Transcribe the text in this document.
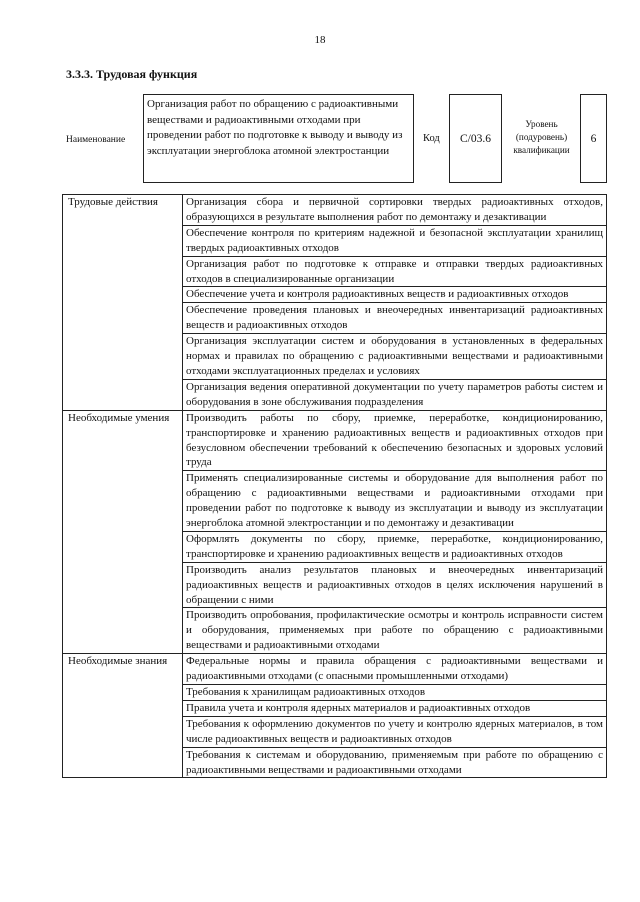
18
3.3.3. Трудовая функция
Наименование
Организация работ по обращению с радиоактивными веществами и радиоактивными отходами при проведении работ по подготовке к выводу и выводу из эксплуатации энергоблока атомной электростанции
Код C/03.6
Уровень (подуровень) квалификации
6
Трудовые действия	Организация сбора и первичной сортировки твердых радиоактивных отходов, образующихся в результате выполнения работ по демонтажу и дезактивации
	Обеспечение контроля по критериям надежной и безопасной эксплуатации хранилищ твердых радиоактивных отходов
	Организация работ по подготовке к отправке и отправки твердых радиоактивных отходов в специализированные организации
	Обеспечение учета и контроля радиоактивных веществ и радиоактивных отходов
	Обеспечение проведения плановых и внеочередных инвентаризаций радиоактивных веществ и радиоактивных отходов
	Организация эксплуатации систем и оборудования в установленных в федеральных нормах и правилах по обращению с радиоактивными веществами и радиоактивными отходами эксплуатационных пределах и условиях
	Организация ведения оперативной документации по учету параметров работы систем и оборудования в зоне обслуживания подразделения
Необходимые умения	Производить работы по сбору, приемке, переработке, кондиционированию, транспортировке и хранению радиоактивных веществ и радиоактивных отходов при безусловном обеспечении требований к обеспечению безопасных и здоровых условий труда
	Применять специализированные системы и оборудование для выполнения работ по обращению с радиоактивными веществами и радиоактивными отходами при проведении работ по подготовке к выводу из эксплуатации и выводу из эксплуатации энергоблока атомной электростанции и по демонтажу и дезактивации
	Оформлять документы по сбору, приемке, переработке, кондиционированию, транспортировке и хранению радиоактивных веществ и радиоактивных отходов
	Производить анализ результатов плановых и внеочередных инвентаризаций радиоактивных веществ и радиоактивных отходов в целях исключения нарушений в обращении с ними
	Производить опробования, профилактические осмотры и контроль исправности систем и оборудования, применяемых при работе по обращению с радиоактивными веществами и радиоактивными отходами
Необходимые знания	Федеральные нормы и правила обращения с радиоактивными веществами и радиоактивными отходами (с опасными промышленными отходами)
	Требования к хранилищам радиоактивных отходов
	Правила учета и контроля ядерных материалов и радиоактивных отходов
	Требования к оформлению документов по учету и контролю ядерных материалов, в том числе радиоактивных веществ и радиоактивных отходов
	Требования к системам и оборудованию, применяемым при работе по обращению с радиоактивными веществами и радиоактивными отходами
